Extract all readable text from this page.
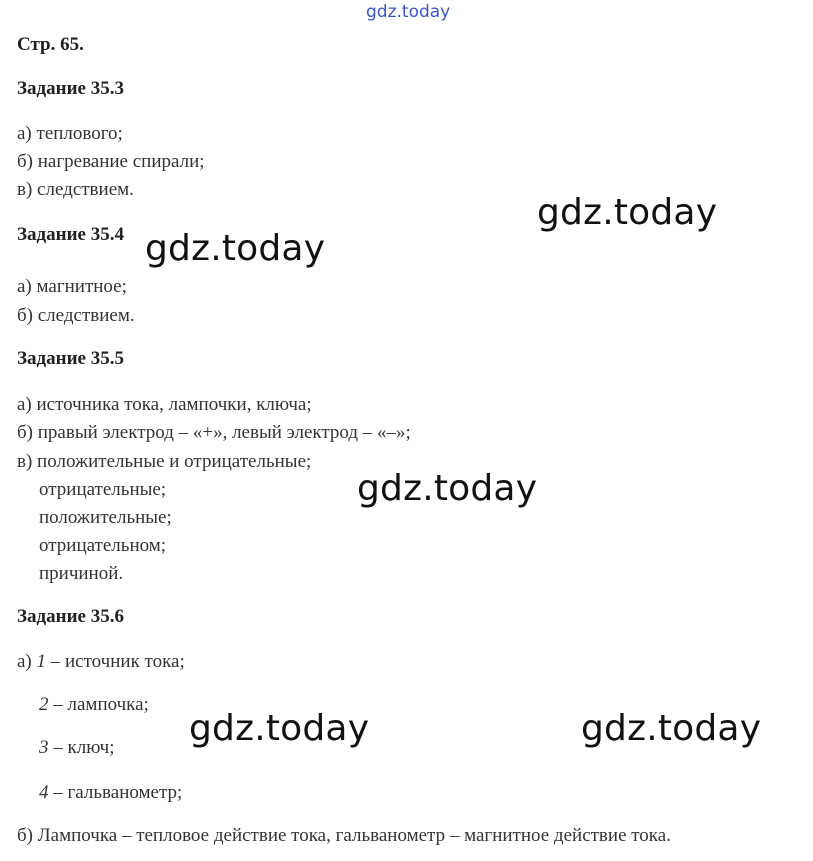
gdz.today
Стр. 65.
Задание 35.3
а) теплового;
б) нагревание спирали;
в) следствием.
Задание 35.4
а) магнитное;
б) следствием.
Задание 35.5
а) источника тока, лампочки, ключа;
б) правый электрод – «+», левый электрод – «–»;
в) положительные и отрицательные;
отрицательные;
положительные;
отрицательном;
причиной.
Задание 35.6
а) 1 – источник тока;
2 – лампочка;
3 – ключ;
4 – гальванометр;
б) Лампочка – тепловое действие тока, гальванометр – магнитное действие тока.
gdz.today
gdz.today
gdz.today
gdz.today	gdz.today
